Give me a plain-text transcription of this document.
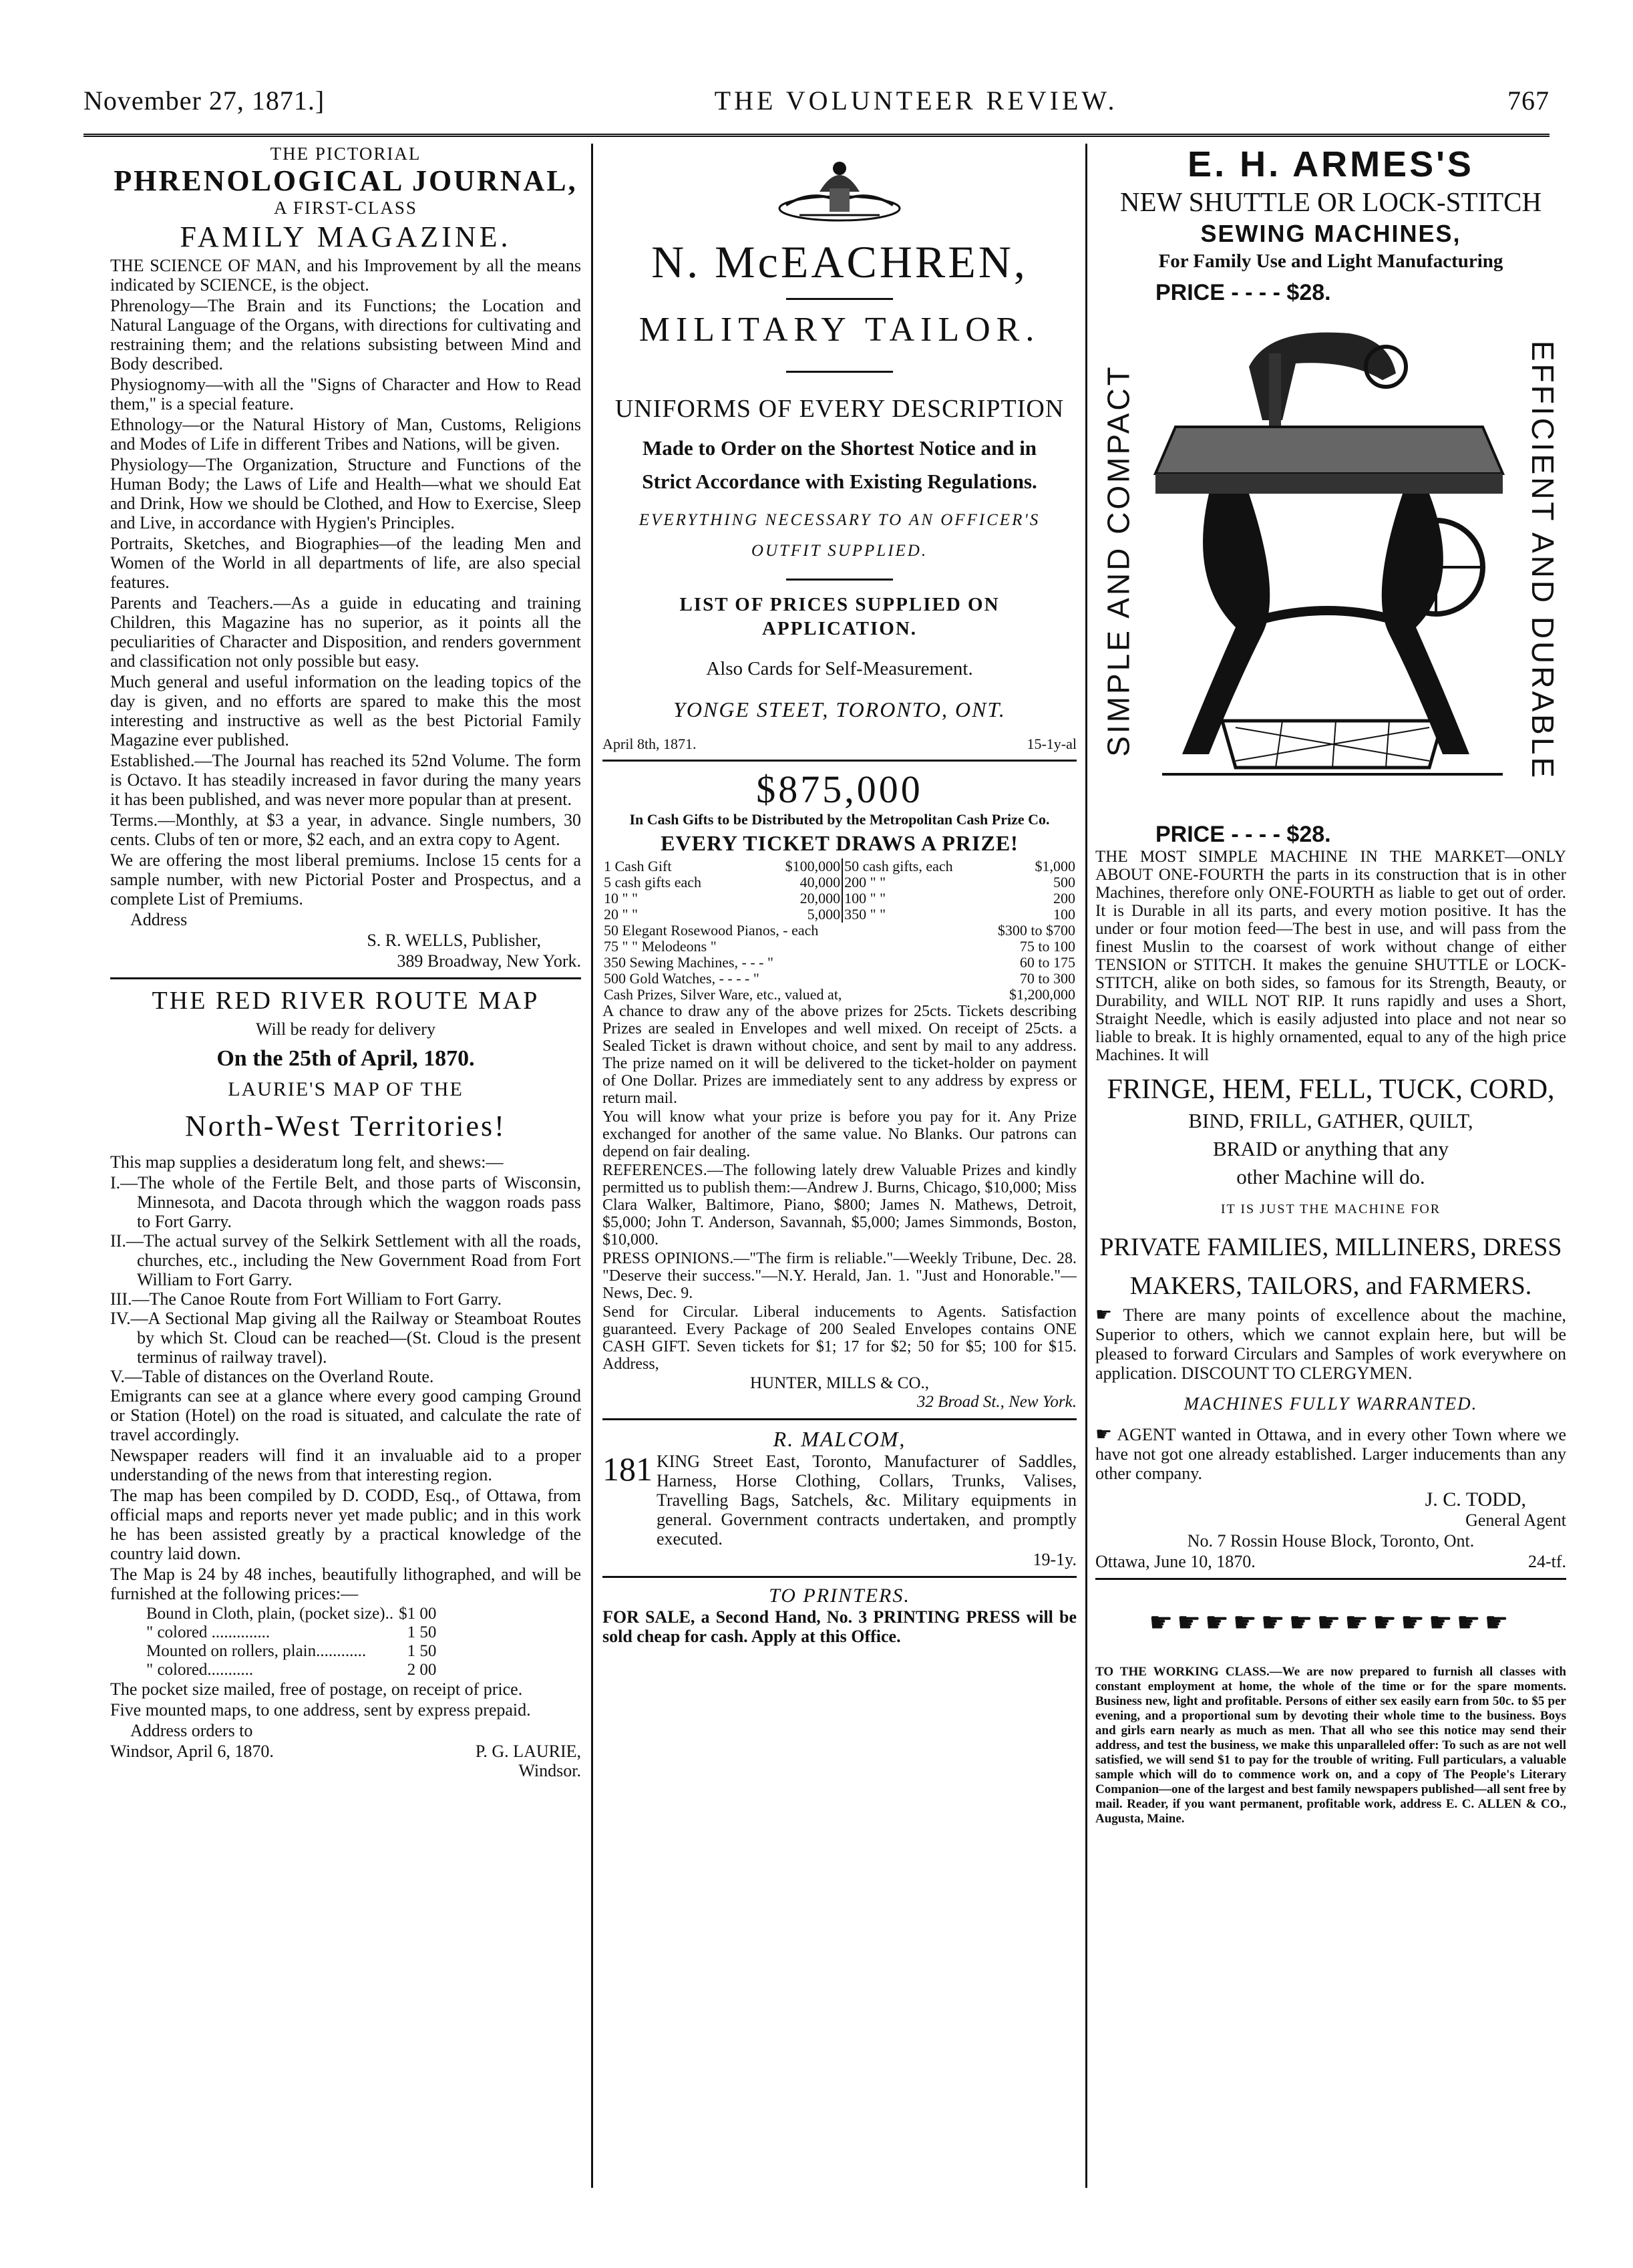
November 27, 1871.]	THE VOLUNTEER REVIEW.	767

THE PICTORIAL

PHRENOLOGICAL JOURNAL,

A FIRST-CLASS

FAMILY MAGAZINE.

THE SCIENCE OF MAN, and his Improvement by all the means indicated by SCIENCE, is the object.

Phrenology—The Brain and its Functions; the Location and Natural Language of the Organs, with directions for cultivating and restraining them; and the relations subsisting between Mind and Body described.

Physiognomy—with all the "Signs of Character and How to Read them," is a special feature.

Ethnology—or the Natural History of Man, Customs, Religions and Modes of Life in different Tribes and Nations, will be given.

Physiology—The Organization, Structure and Functions of the Human Body; the Laws of Life and Health—what we should Eat and Drink, How we should be Clothed, and How to Exercise, Sleep and Live, in accordance with Hygien's Principles.

Portraits, Sketches, and Biographies—of the leading Men and Women of the World in all departments of life, are also special features.

Parents and Teachers.—As a guide in educating and training Children, this Magazine has no superior, as it points all the peculiarities of Character and Disposition, and renders government and classification not only possible but easy.

Much general and useful information on the leading topics of the day is given, and no efforts are spared to make this the most interesting and instructive as well as the best Pictorial Family Magazine ever published.

Established.—The Journal has reached its 52nd Volume. The form is Octavo. It has steadily increased in favor during the many years it has been published, and was never more popular than at present.

Terms.—Monthly, at $3 a year, in advance. Single numbers, 30 cents. Clubs of ten or more, $2 each, and an extra copy to Agent.

We are offering the most liberal premiums. Inclose 15 cents for a sample number, with new Pictorial Poster and Prospectus, and a complete List of Premiums.

Address

S. R. WELLS, Publisher,

389 Broadway, New York.

THE RED RIVER ROUTE MAP

Will be ready for delivery

On the 25th of April, 1870.

LAURIE'S MAP OF THE

North-West Territories!

This map supplies a desideratum long felt, and shews:—

I.—The whole of the Fertile Belt, and those parts of Wisconsin, Minnesota, and Dacota through which the waggon roads pass to Fort Garry.
II.—The actual survey of the Selkirk Settlement with all the roads, churches, etc., including the New Government Road from Fort William to Fort Garry.
III.—The Canoe Route from Fort William to Fort Garry.
IV.—A Sectional Map giving all the Railway or Steamboat Routes by which St. Cloud can be reached—(St. Cloud is the present terminus of railway travel).
V.—Table of distances on the Overland Route.

Emigrants can see at a glance where every good camping Ground or Station (Hotel) on the road is situated, and calculate the rate of travel accordingly.

Newspaper readers will find it an invaluable aid to a proper understanding of the news from that interesting region.

The map has been compiled by D. CODD, Esq., of Ottawa, from official maps and reports never yet made public; and in this work he has been assisted greatly by a practical knowledge of the country laid down.

The Map is 24 by 48 inches, beautifully lithographed, and will be furnished at the following prices:—

Bound in Cloth, plain, (pocket size)..	$1 00
" colored ..............	1 50
Mounted on rollers, plain............	1 50
" colored...........	2 00

The pocket size mailed, free of postage, on receipt of price.

Five mounted maps, to one address, sent by express prepaid.

Address orders to

Windsor, April 6, 1870.	P. G. LAURIE,
Windsor.

N. McEACHREN,

MILITARY TAILOR.

UNIFORMS OF EVERY DESCRIPTION

Made to Order on the Shortest Notice and in Strict Accordance with Existing Regulations.

EVERYTHING NECESSARY TO AN OFFICER'S OUTFIT SUPPLIED.

LIST OF PRICES SUPPLIED ON APPLICATION.

Also Cards for Self-Measurement.

YONGE STEET, TORONTO, ONT.

April 8th, 1871.	15-1y-al

$875,000

In Cash Gifts to be Distributed by the Metropolitan Cash Prize Co.

EVERY TICKET DRAWS A PRIZE!

1 Cash Gift	$100,000	50 cash gifts, each	$1,000
5 cash gifts each	40,000	200 " "	500
10 " "	20,000	100 " "	200
20 " "	5,000	350 " "	100
50 Elegant Rosewood Pianos, - each	$300 to $700
75 " " Melodeons "	75 to 100
350 Sewing Machines, - - - "	60 to 175
500 Gold Watches, - - - - "	70 to 300
Cash Prizes, Silver Ware, etc., valued at,	$1,200,000

A chance to draw any of the above prizes for 25cts. Tickets describing Prizes are sealed in Envelopes and well mixed. On receipt of 25cts. a Sealed Ticket is drawn without choice, and sent by mail to any address. The prize named on it will be delivered to the ticket-holder on payment of One Dollar. Prizes are immediately sent to any address by express or return mail.

You will know what your prize is before you pay for it. Any Prize exchanged for another of the same value. No Blanks. Our patrons can depend on fair dealing.

REFERENCES.—The following lately drew Valuable Prizes and kindly permitted us to publish them:—Andrew J. Burns, Chicago, $10,000; Miss Clara Walker, Baltimore, Piano, $800; James N. Mathews, Detroit, $5,000; John T. Anderson, Savannah, $5,000; James Simmonds, Boston, $10,000.

PRESS OPINIONS.—"The firm is reliable."—Weekly Tribune, Dec. 28. "Deserve their success."—N.Y. Herald, Jan. 1. "Just and Honorable."—News, Dec. 9.

Send for Circular. Liberal inducements to Agents. Satisfaction guaranteed. Every Package of 200 Sealed Envelopes contains ONE CASH GIFT. Seven tickets for $1; 17 for $2; 50 for $5; 100 for $15. Address,

HUNTER, MILLS & CO.,

32 Broad St., New York.

R. MALCOM,

181 KING Street East, Toronto, Manufacturer of Saddles, Harness, Horse Clothing, Collars, Trunks, Valises, Travelling Bags, Satchels, &c. Military equipments in general. Government contracts undertaken, and promptly executed.

19-1y.

TO PRINTERS.

FOR SALE, a Second Hand, No. 3 PRINTING PRESS will be sold cheap for cash. Apply at this Office.

E. H. ARMES'S

NEW SHUTTLE OR LOCK-STITCH

SEWING MACHINES,

For Family Use and Light Manufacturing

PRICE - - - - $28.

SIMPLE AND COMPACT	EFFICIENT AND DURABLE

PRICE - - - - $28.

THE MOST SIMPLE MACHINE IN THE MARKET—ONLY ABOUT ONE-FOURTH the parts in its construction that is in other Machines, therefore only ONE-FOURTH as liable to get out of order. It is Durable in all its parts, and every motion positive. It has the under or four motion feed—The best in use, and will pass from the finest Muslin to the coarsest of work without change of either TENSION or STITCH. It makes the genuine SHUTTLE or LOCK-STITCH, alike on both sides, so famous for its Strength, Beauty, or Durability, and WILL NOT RIP. It runs rapidly and uses a Short, Straight Needle, which is easily adjusted into place and not near so liable to break. It is highly ornamented, equal to any of the high price Machines. It will

FRINGE, HEM, FELL, TUCK, CORD,

BIND, FRILL, GATHER, QUILT,

BRAID or anything that any

other Machine will do.

IT IS JUST THE MACHINE FOR

PRIVATE FAMILIES, MILLINERS, DRESS MAKERS, TAILORS, and FARMERS.

☛ There are many points of excellence about the machine, Superior to others, which we cannot explain here, but will be pleased to forward Circulars and Samples of work everywhere on application. DISCOUNT TO CLERGYMEN.

MACHINES FULLY WARRANTED.

☛ AGENT wanted in Ottawa, and in every other Town where we have not got one already established. Larger inducements than any other company.

J. C. TODD,

General Agent

No. 7 Rossin House Block, Toronto, Ont.

Ottawa, June 10, 1870.	24-tf.

☛☛☛☛☛☛☛☛☛☛☛☛☛

TO THE WORKING CLASS.—We are now prepared to furnish all classes with constant employment at home, the whole of the time or for the spare moments. Business new, light and profitable. Persons of either sex easily earn from 50c. to $5 per evening, and a proportional sum by devoting their whole time to the business. Boys and girls earn nearly as much as men. That all who see this notice may send their address, and test the business, we make this unparalleled offer: To such as are not well satisfied, we will send $1 to pay for the trouble of writing. Full particulars, a valuable sample which will do to commence work on, and a copy of The People's Literary Companion—one of the largest and best family newspapers published—all sent free by mail. Reader, if you want permanent, profitable work, address E. C. ALLEN & CO., Augusta, Maine.
